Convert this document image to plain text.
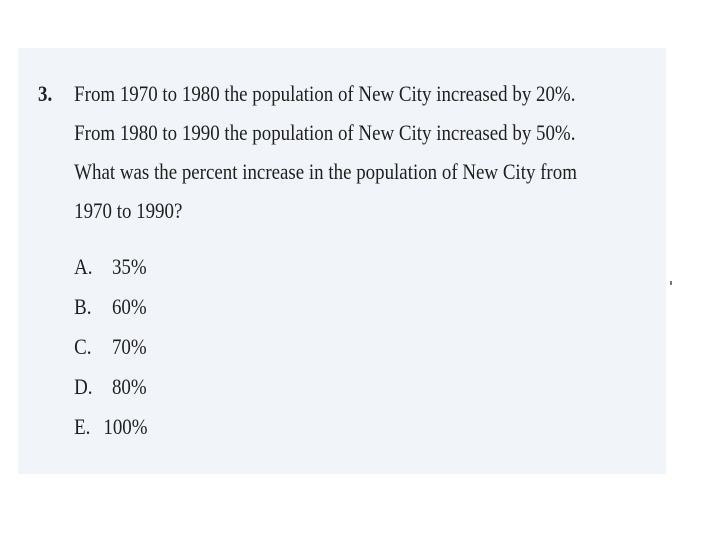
3. From 1970 to 1980 the population of New City increased by 20%.
From 1980 to 1990 the population of New City increased by 50%.
What was the percent increase in the population of New City from
1970 to 1990?
A. 35%
B. 60%
C. 70%
D. 80%
E. 100%
